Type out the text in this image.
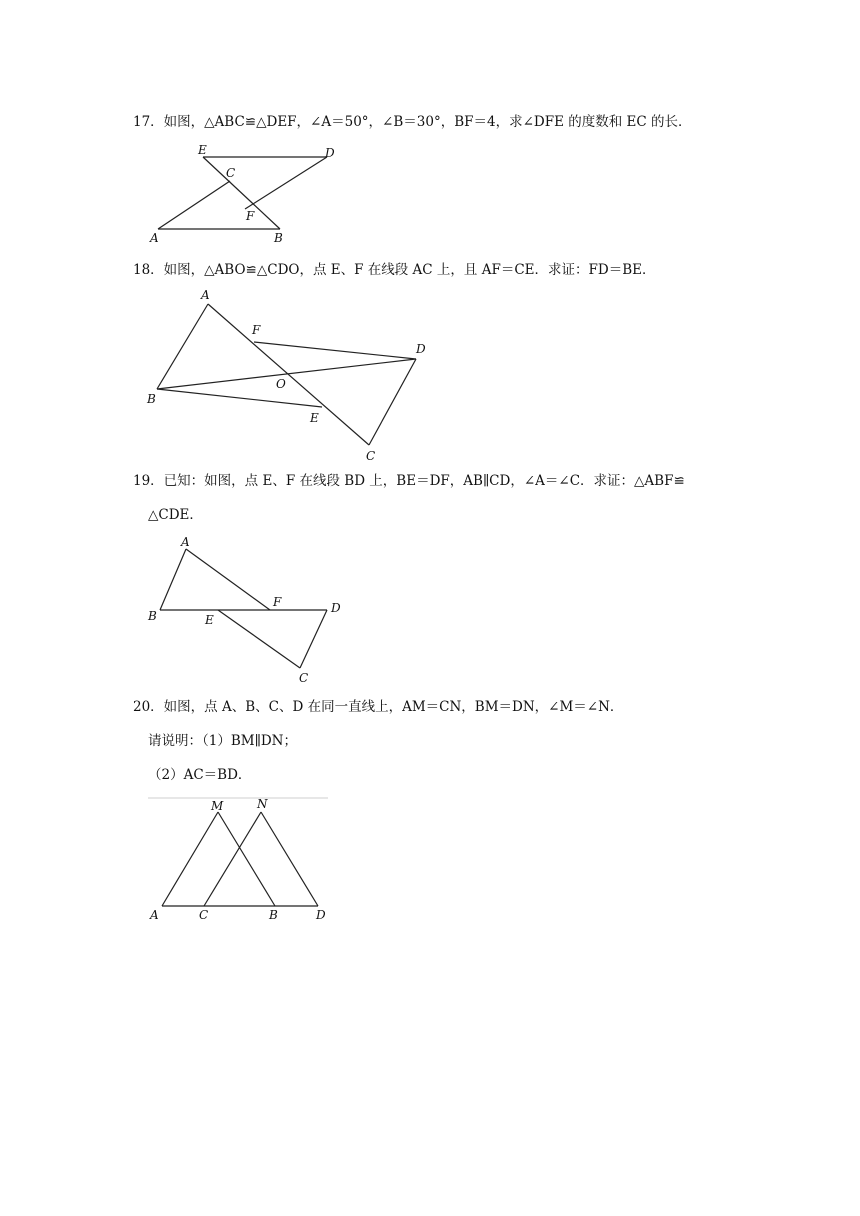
17．如图，△ABC≌△DEF，∠A＝50°，∠B＝30°，BF＝4，求∠DFE 的度数和 EC 的长．
E	D
C
F
A	B
18．如图，△ABO≌△CDO，点 E、F 在线段 AC 上，且 AF＝CE．求证：FD＝BE．
A
F
D
O
B
E
C
19．已知：如图，点 E、F 在线段 BD 上，BE＝DF，AB∥CD，∠A＝∠C．求证：△ABF≌
△CDE．
A
F	D
B	E
C
20．如图，点 A、B、C、D 在同一直线上，AM＝CN，BM＝DN，∠M＝∠N．
请说明：（1）BM∥DN；
（2）AC＝BD．
M	N
A	C	B	D
